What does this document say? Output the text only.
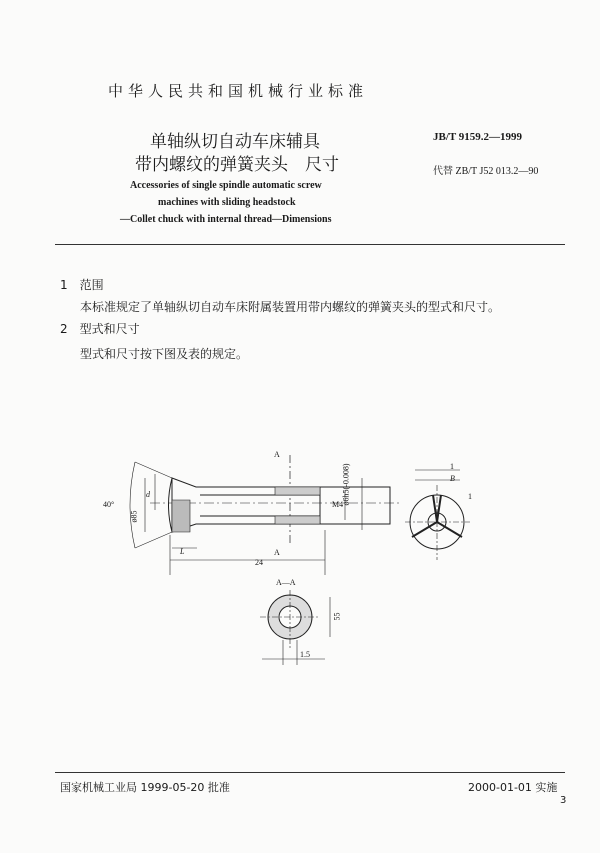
中华人民共和国机械行业标准
单轴纵切自动车床辅具
带内螺纹的弹簧夹头　尺寸
Accessories of single spindle automatic screw
machines with sliding headstock
—Collet chuck with internal thread—Dimensions
JB/T 9159.2—1999
代替 ZB/T J52 013.2—90
1　 范围
本标准规定了单轴纵切自动车床附属装置用带内螺纹的弹簧夹头的型式和尺寸。
2　 型式和尺寸
型式和尺寸按下图及表的规定。
A
A
A—A
24
L
d
M4
ø85
40°	ø6h5(-0.008)
55
1.5
1
B
1
国家机械工业局 1999-05-20 批准	2000-01-01 实施
3
